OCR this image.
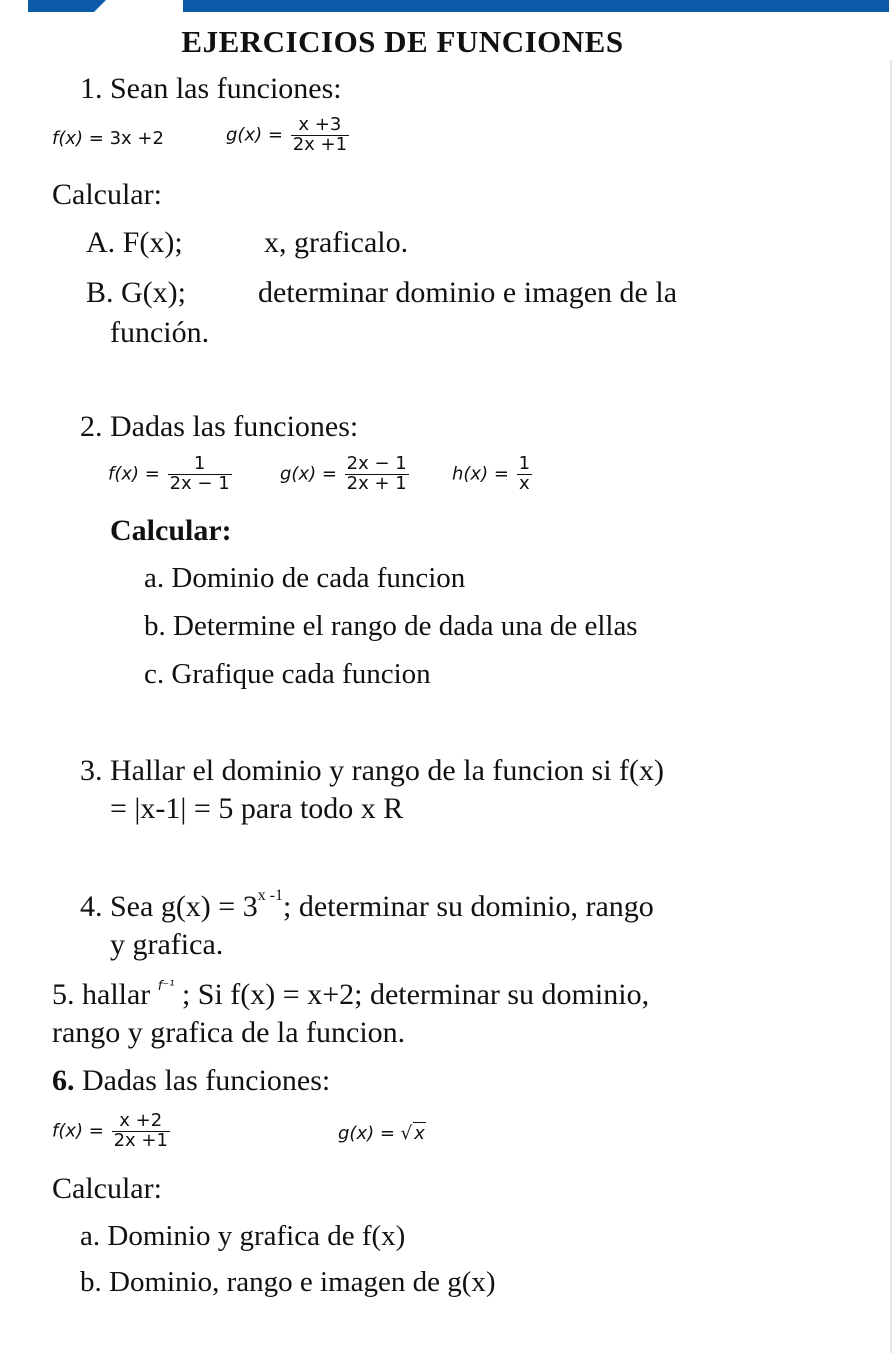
EJERCICIOS DE FUNCIONES
1. Sean las funciones:
f(x) = 3x +2	$g(x) = \frac{x +3}{2x +1}$
Calcular:
A. F(x);	x, graficalo.
B. G(x); determinar dominio e imagen de la
función.
2. Dadas las funciones:
$f(x) = \frac{1}{2x - 1}$	$g(x) = \frac{2x - 1}{2x + 1} h(x) = \frac{1}{x}$
Calcular:
a. Dominio de cada funcion
b. Determine el rango de dada una de ellas
c. Grafique cada funcion
3. Hallar el dominio y rango de la funcion si f(x)
= |x-1| = 5 para todo x R
4. Sea $g(x) = 3^{x -1}$; determinar su dominio, rango
y grafica.
5. hallar $^{f^{-1}}$ ; Si f(x) = x+2; determinar su dominio,
rango y grafica de la funcion.
6. Dadas las funciones:
$f(x) = \frac{x +2}{2x +1}$	g(x) = √ x
Calcular:
a. Dominio y grafica de f(x)
b. Dominio, rango e imagen de g(x)
